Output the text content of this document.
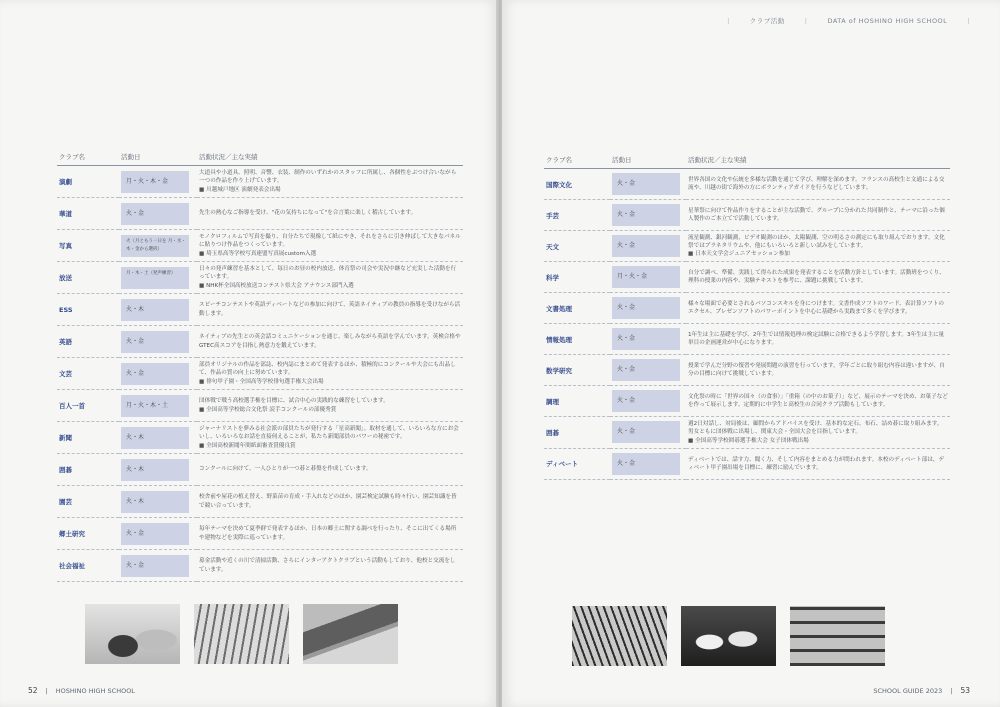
クラブ名	活動日	活動状況／主な実績
演劇	月・火・木・金	大道具や小道具、照明、音響、衣装、制作のいずれかのスタッフに所属し、各個性をぶつけ合いながら一つの作品を作り上げています。
■ 川越城戸地区 演劇発表会出場

華道	火・金	先生の熱心なご指導を受け、"花の気持ちになって"を合言葉に楽しく稽古しています。
写真	火（月ともう一日を 月・水・木・金から選択）	モノクロフィルムで写真を撮り、自分たちで現像して紙にやき、それをさらに引き伸ばして大きなパネルに貼りつけ作品をつくっています。
■ 埼玉県高等学校写真連盟写真展custom入選

放送	月・木・土（発声練習）	日々の発声練習を基本として、毎日のお昼の校内放送、体育祭の司会や実況中継など充実した活動を行っています。
■ NHK杯全国高校放送コンテスト県大会 アナウンス部門入選

ESS	火・木	スピーチコンテストや英語ディベートなどの参加に向けて、英語ネイティブの教員の指導を受けながら活動します。
英語	火・金	ネイティブの先生との英会話コミュニケーションを通じ、楽しみながら英語を学んでいます。英検合格やGTEC高スコアを目指し熱意力を鍛えています。
文芸	火・金	部員オリジナルの作品を部誌、校内誌にまとめて発表するほか、積極的にコンクールや大会にも出品して、作品の質の向上に努めています。
■ 俳句甲子園・全国高等学校俳句選手権大会出場

百人一首	月・火・木・土	団体戦で戦う高校選手権を目標に、試合中心の実践的な練習をしています。
■ 全国高等学校総合文化祭 読手コンクールの部優秀賞

新聞	火・木	ジャーナリストを夢みる社会派の部員たちが発行する「星高新聞」。取材を通して、いろいろな方にお会いし、いろいろなお話を直接伺えることが、私たち新聞部員のパワーの秘密です。
■ 全国高校新聞年間紙面審査賞優良賞

囲碁	火・木	コンクールに向けて、一人ひとりが一つ碁と碁盤を作成しています。
園芸	火・木	校舎前や屋花の植え替え、野菜苗の育成・手入れなどのほか、園芸検定試験も時々行い、園芸知識を皆で競い合っています。
郷土研究	火・金	毎年テーマを決めて夏季群で発表するほか、日本の郷土に関する調べを行ったり、そこに出てくる場所や建物などを実際に巡っています。
社会福祉	火・金	募金活動や近くの川で清掃活動、さらにインターアクトクラブという活動もしており、他校と交流をしています。
52 | HOSHINO HIGH SCHOOL
|	クラブ活動	|	DATA of HOSHINO HIGH SCHOOL	|
クラブ名	活動日	活動状況／主な実績
国際文化	火・金	世界各国の文化や伝統を多様な活動を通じて学び、理解を深めます。フランスの高校生と文通による交流や、川越の街で海外の方にボランティアガイドを行うなどしています。
手芸	火・金	星華祭に向けて作品作りをすることが主な活動で、グループに分かれた共同制作と、テーマに沿った個人製作のご本立てで活動しています。
天文	火・金	流星観測、銀河観測、ビデオ観測のほか、太陽観測、空の明るさの測定にも取り組んでおります。文化祭ではプラネタリウムや、他にもいろいろと新しい試みをしています。
■ 日本天文学会ジュニアセッション参加

科学	月・火・金	自分で調べ、準備、実践して得られた成果を発表することを活動方針としています。活動班をつくり、理科の授業の内容や、実験テキストを参考に、課題に挑戦しています。
文書処理	火・金	様々な場面で必要とされるパソコンスキルを身につけます。文書作成ソフトのワード、表計算ソフトのエクセル、プレゼンソフトのパワーポイントを中心に基礎から実践まで多くを学びます。
情報処理	火・金	1年生は主に基礎を学び、2年生では情報処理の検定試験に合格できるよう学習します。3年生は主に量単目の企画運営が中心になります。
数学研究	火・金	授業で学んだ分野の復習や発展問題の演習を行っています。学年ごとに取り組む内容は違いますが、自分の目標に向けて挑戦しています。
調理	火・金	文化祭の時に「世界の国々（の食事）」「重箱（の中のお菓子）」など、展示のテーマを決め、お菓子などを作って展示します。定期的に中学生と高校生の合同クラブ活動もしています。
囲碁	火・金	週2日対話し、対局後は、顧問からアドバイスを受け、基本的な定石、布石、詰め碁に取り組みます。男女ともに団体戦に出場し、関東大会・全国大会を目指しています。
■ 全国高等学校囲碁選手権大会 女子団体戦出場

ディベート	火・金	ディベートでは、話す力、聞く力、そして内容をまとめる力が問われます。本校のディベート部は、ディベート甲子園出場を目標に、練習に励んでいます。
SCHOOL GUIDE 2023 | 53
